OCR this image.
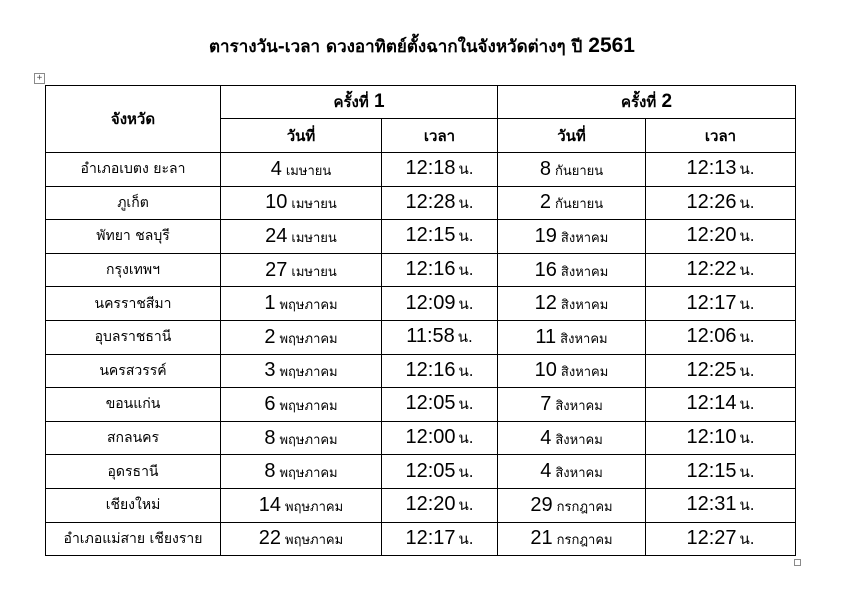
ตารางวัน-เวลา ดวงอาทิตย์ตั้งฉากในจังหวัดต่างๆ ปี 2561
+
จังหวัด	ครั้งที่ 1		ครั้งที่ 2	
	วันที่	เวลา	วันที่	เวลา
อำเภอเบตง ยะลา	4 เมษายน	12:18 น.	8 กันยายน	12:13 น.
ภูเก็ต	10 เมษายน	12:28 น.	2 กันยายน	12:26 น.
พัทยา ชลบุรี	24 เมษายน	12:15 น.	19 สิงหาคม	12:20 น.
กรุงเทพฯ	27 เมษายน	12:16 น.	16 สิงหาคม	12:22 น.
นครราชสีมา	1 พฤษภาคม	12:09 น.	12 สิงหาคม	12:17 น.
อุบลราชธานี	2 พฤษภาคม	11:58 น.	11 สิงหาคม	12:06 น.
นครสวรรค์	3 พฤษภาคม	12:16 น.	10 สิงหาคม	12:25 น.
ขอนแก่น	6 พฤษภาคม	12:05 น.	7 สิงหาคม	12:14 น.
สกลนคร	8 พฤษภาคม	12:00 น.	4 สิงหาคม	12:10 น.
อุดรธานี	8 พฤษภาคม	12:05 น.	4 สิงหาคม	12:15 น.
เชียงใหม่	14 พฤษภาคม	12:20 น.	29 กรกฎาคม	12:31 น.
อำเภอแม่สาย เชียงราย	22 พฤษภาคม	12:17 น.	21 กรกฎาคม	12:27 น.
